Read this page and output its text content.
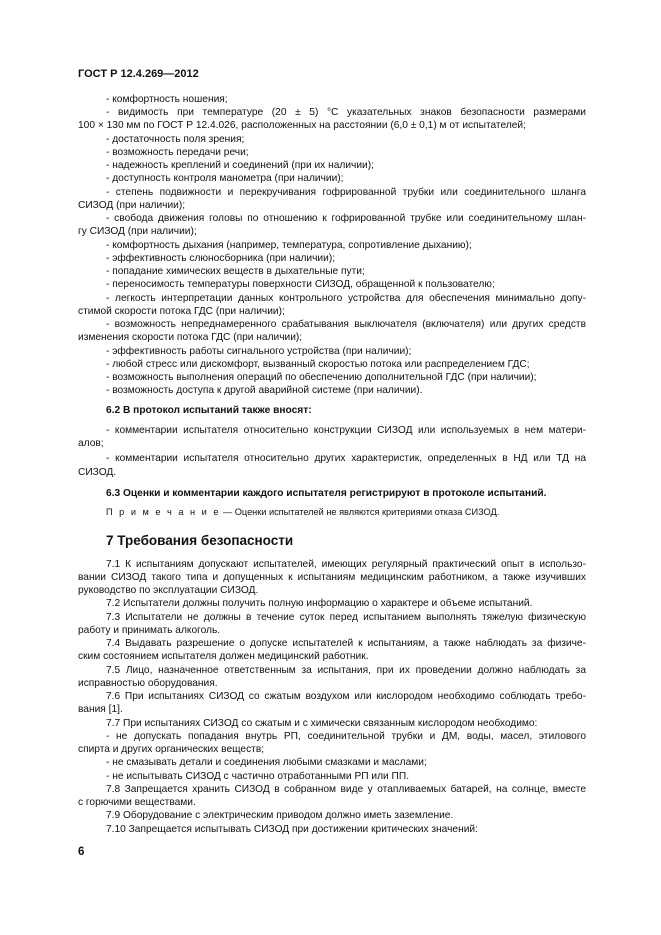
ГОСТ Р 12.4.269—2012
- комфортность ношения;
- видимость при температуре (20 ± 5) °С указательных знаков безопасности размерами
100 × 130 мм по ГОСТ Р 12.4.026, расположенных на расстоянии (6,0 ± 0,1) м от испытателей;
- достаточность поля зрения;
- возможность передачи речи;
- надежность креплений и соединений (при их наличии);
- доступность контроля манометра (при наличии);
- степень подвижности и перекручивания гофрированной трубки или соединительного шланга
СИЗОД (при наличии);
- свобода движения головы по отношению к гофрированной трубке или соединительному шлан-
гу СИЗОД (при наличии);
- комфортность дыхания (например, температура, сопротивление дыханию);
- эффективность слюносборника (при наличии);
- попадание химических веществ в дыхательные пути;
- переносимость температуры поверхности СИЗОД, обращенной к пользователю;
- легкость интерпретации данных контрольного устройства для обеспечения минимально допу-
стимой скорости потока ГДС (при наличии);
- возможность непреднамеренного срабатывания выключателя (включателя) или других средств
изменения скорости потока ГДС (при наличии);
- эффективность работы сигнального устройства (при наличии);
- любой стресс или дискомфорт, вызванный скоростью потока или распределением ГДС;
- возможность выполнения операций по обеспечению дополнительной ГДС (при наличии);
- возможность доступа к другой аварийной системе (при наличии).
6.2 В протокол испытаний также вносят:
- комментарии испытателя относительно конструкции СИЗОД или используемых в нем матери-
алов;
- комментарии испытателя относительно других характеристик, определенных в НД или ТД на
СИЗОД.
6.3 Оценки и комментарии каждого испытателя регистрируют в протоколе испытаний.
П р и м е ч а н и е — Оценки испытателей не являются критериями отказа СИЗОД.
7 Требования безопасности
7.1 К испытаниям допускают испытателей, имеющих регулярный практический опыт в использо-
вании СИЗОД такого типа и допущенных к испытаниям медицинским работником, а также изучивших
руководство по эксплуатации СИЗОД.
7.2 Испытатели должны получить полную информацию о характере и объеме испытаний.
7.3 Испытатели не должны в течение суток перед испытанием выполнять тяжелую физическую
работу и принимать алкоголь.
7.4 Выдавать разрешение о допуске испытателей к испытаниям, а также наблюдать за физиче-
ским состоянием испытателя должен медицинский работник.
7.5 Лицо, назначенное ответственным за испытания, при их проведении должно наблюдать за
исправностью оборудования.
7.6 При испытаниях СИЗОД со сжатым воздухом или кислородом необходимо соблюдать требо-
вания [1].
7.7 При испытаниях СИЗОД со сжатым и с химически связанным кислородом необходимо:
- не допускать попадания внутрь РП, соединительной трубки и ДМ, воды, масел, этилового
спирта и других органических веществ;
- не смазывать детали и соединения любыми смазками и маслами;
- не испытывать СИЗОД с частично отработанными РП или ПП.
7.8 Запрещается хранить СИЗОД в собранном виде у отапливаемых батарей, на солнце, вместе
с горючими веществами.
7.9 Оборудование с электрическим приводом должно иметь заземление.
7.10 Запрещается испытывать СИЗОД при достижении критических значений:
6
